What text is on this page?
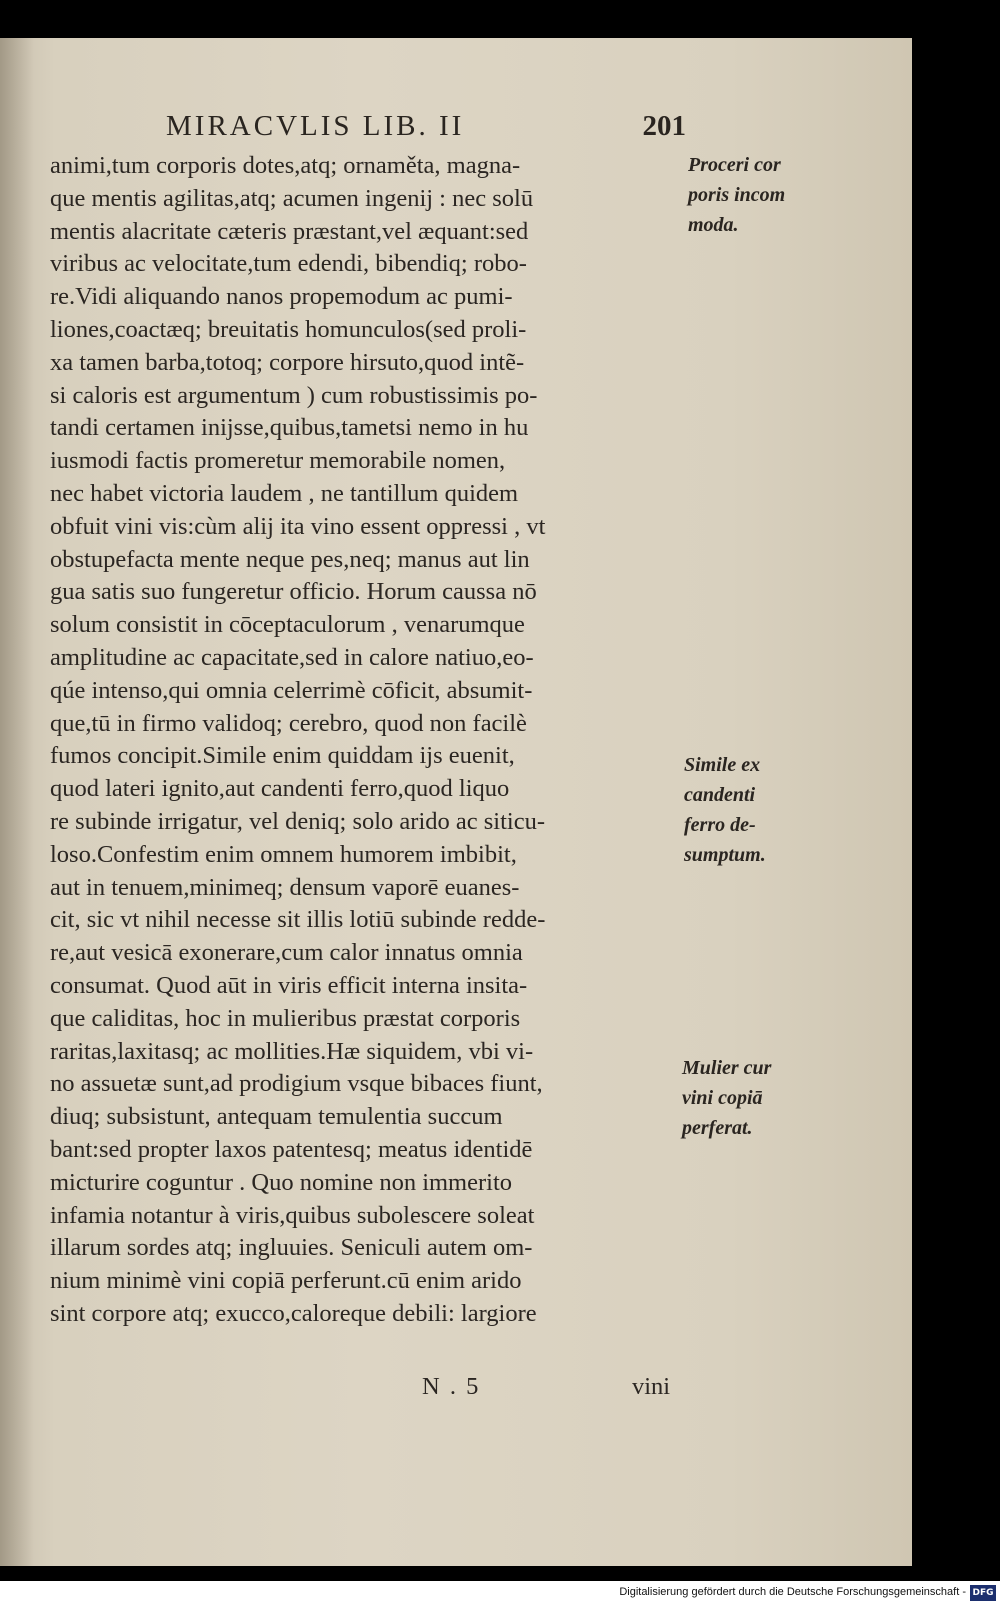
MIRACVLIS LIB. II	201
animi,tum corporis dotes,atq; ornaměta, magna-
que mentis agilitas,atq; acumen ingenij : nec solū
mentis alacritate cæteris præstant,vel æquant:sed
viribus ac velocitate,tum edendi, bibendiq; robo-
re.Vidi aliquando nanos propemodum ac pumi-
liones,coactæq; breuitatis homunculos(sed proli-
xa tamen barba,totoq; corpore hirsuto,quod intẽ-
si caloris est argumentum ) cum robustissimis po-
tandi certamen inijsse,quibus,tametsi nemo in hu
iusmodi factis promeretur memorabile nomen,
nec habet victoria laudem , ne tantillum quidem
obfuit vini vis:cùm alij ita vino essent oppressi , vt
obstupefacta mente neque pes,neq; manus aut lin
gua satis suo fungeretur officio. Horum caussa nō
solum consistit in cōceptaculorum , venarumque
amplitudine ac capacitate,sed in calore natiuo,eo-
qúe intenso,qui omnia celerrimè cōficit, absumit-
que,tū in firmo validoq; cerebro, quod non facilè
fumos concipit.Simile enim quiddam ijs euenit,
quod lateri ignito,aut candenti ferro,quod liquo
re subinde irrigatur, vel deniq; solo arido ac siticu-
loso.Confestim enim omnem humorem imbibit,
aut in tenuem,minimeq; densum vaporē euanes-
cit, sic vt nihil necesse sit illis lotiū subinde redde-
re,aut vesicā exonerare,cum calor innatus omnia
consumat. Quod aūt in viris efficit interna insita-
que caliditas, hoc in mulieribus præstat corporis
raritas,laxitasq; ac mollities.Hæ siquidem, vbi vi-
no assuetæ sunt,ad prodigium vsque bibaces fiunt,
diuq; subsistunt, antequam temulentia succum
bant:sed propter laxos patentesq; meatus identidē
micturire coguntur . Quo nomine non immerito
infamia notantur à viris,quibus subolescere soleat
illarum sordes atq; ingluuies. Seniculi autem om-
nium minimè vini copiā perferunt.cū enim arido
sint corpore atq; exucco,caloreque debili: largiore
Proceri cor
poris incom
moda.
Simile ex
candenti
ferro de-
sumptum.
Mulier cur
vini copiā
perferat.
N . 5	vini
Digitalisierung gefördert durch die Deutsche Forschungsgemeinschaft - DFG
